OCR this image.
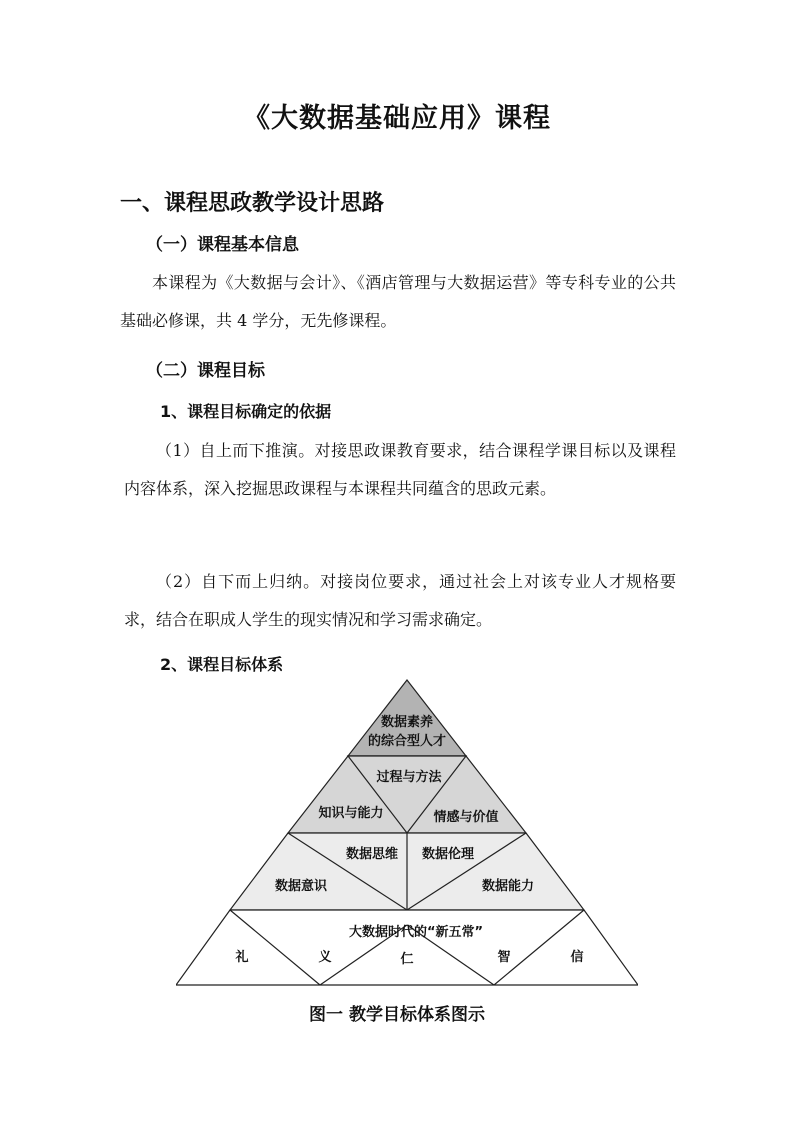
《大数据基础应用》课程
一、课程思政教学设计思路
（一）课程基本信息

本课程为《大数据与会计》、《酒店管理与大数据运营》等专科专业的公共基础必修课，共 4 学分，无先修课程。

（二）课程目标
1、课程目标确定的依据

（1）自上而下推演。对接思政课教育要求，结合课程学课目标以及课程内容体系，深入挖掘思政课程与本课程共同蕴含的思政元素。

（2）自下而上归纳。对接岗位要求，通过社会上对该专业人才规格要求，结合在职成人学生的现实情况和学习需求确定。

2、课程目标体系
数据素养
的综合型人才
过程与方法
知识与能力	情感与价值
数据思维 数据伦理
数据意识	数据能力
大数据时代的“新五常”
礼	义	仁	智	信
图一 教学目标体系图示
